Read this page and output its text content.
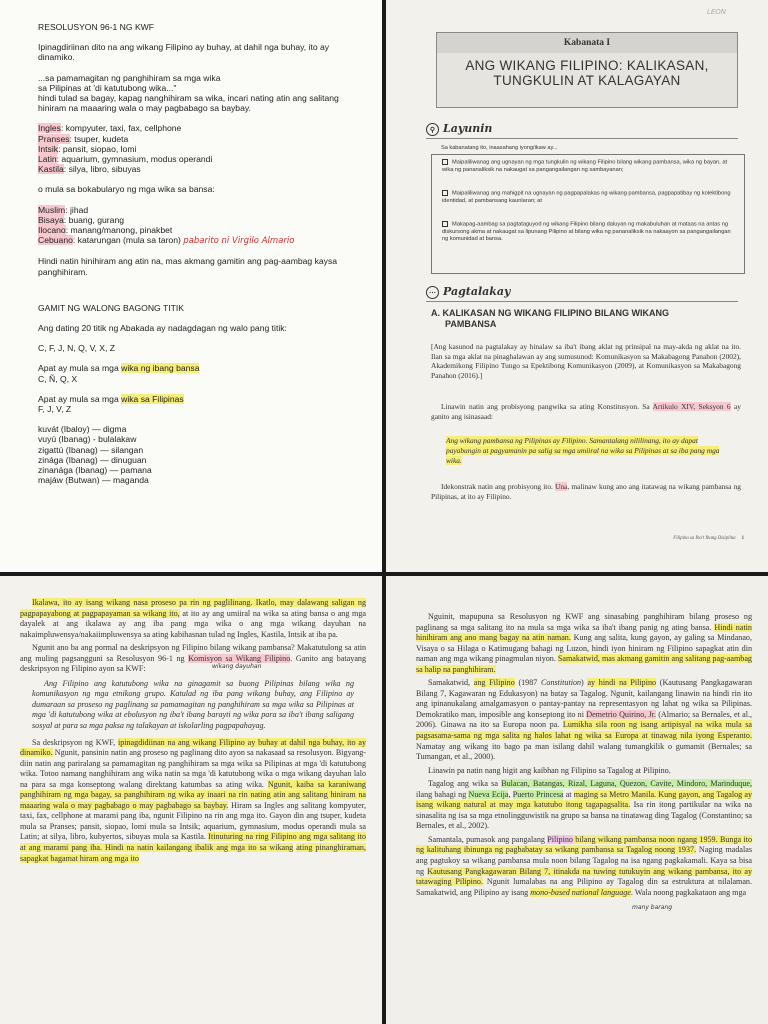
RESOLUSYON 96-1 NG KWF

Ipinagdiriinan dito na ang wikang Filipino ay buhay, at dahil nga buhay, ito ay dinamiko.

...sa pamamagitan ng panghihiram sa mga wika

sa Pilipinas at 'di katutubong wika..."

hindi tulad sa bagay, kapag nanghihiram sa wika, incari nating atin ang salitang hiniram na maaaring wala o may pagbabago sa baybay.

Ingles: kompyuter, taxi, fax, cellphone

Pranses: tsuper, kudeta

Intsik: pansit, siopao, lomi

Latin: aquarium, gymnasium, modus operandi

Kastila: silya, libro, sibuyas

o mula sa bokabularyo ng mga wika sa bansa:

Muslim: jihad

Bisaya: buang, gurang

Ilocano: manang/manong, pinakbet

Cebuano: katarungan (mula sa taron) pabarito ni Virgilo Almario

Hindi natin hinihiram ang atin na, mas akmang gamitin ang pag-aambag kaysa panghihiram.

GAMIT NG WALONG BAGONG TITIK

Ang dating 20 titik ng Abakada ay nadagdagan ng walo pang titik:

C, F, J, N, Q, V, X, Z

Apat ay mula sa mga wika ng ibang bansa

C, Ñ, Q, X

Apat ay mula sa mga wika sa Filipinas

F, J, V, Z

kuvát (Ibaloy) — digma

vuyú (Ibanag) - bulalakaw

zigattú (Ibanag) — silangan

zinága (Ibanag) — dinuguan

zinanága (Ibanag) — pamana

majáw (Butwan) — maganda

LEON
Kabanata I
ANG WIKANG FILIPINO: KALIKASAN,
TUNGKULIN AT KALAGAYAN
⚲ Layunin
Sa kabanatang ito, inaasahang iyong/ikaw ay...
Maipaliliwanag ang ugnayan ng mga tungkulin ng wikang Filipino bilang wikang pambansa, wika ng bayan, at wika ng pananaliksik na nakaugat sa pangangailangan ng sambayanan;
Maipaliliwanag ang mahigpit na ugnayan ng pagpapalakas ng wikang pambansa, pagpapatibay ng kolektibong identidad, at pambansang kaunlaran; at
Makapag-aambag sa pagtataguyod ng wikang Filipino bilang daluyan ng makabuluhan at mataas na antas ng diskursong akma at nakaugat sa lipunang Pilipino at bilang wika ng pananaliksik na nakaayon sa pangangailangan ng komunidad at bansa.
⋯ Pagtalakay
A. KALIKASAN NG WIKANG FILIPINO BILANG WIKANG
PAMBANSA
[Ang kasunod na pagtalakay ay hinalaw sa iba't ibang aklat ng prinsipal na may-akda ng aklat na ito. Ilan sa mga aklat na pinaghalawan ay ang sumusunod: Komunikasyon sa Makabagong Panahon (2002), Akademikong Filipino Tungo sa Epektibong Komunikasyon (2009), at Komunikasyon sa Makabagong Panahon (2016).]
Linawin natin ang probisyong pangwika sa ating Konstitusyon. Sa Artikulo XIV, Seksyon 6 ay ganito ang isinasaad:
Ang wikang pambansa ng Pilipinas ay Filipino. Samantalang nililinang, ito ay dapat payabungin at pagyamanin pa salig sa mga umiiral na wika sa Pilipinas at sa iba pang mga wika.
Idekonstrak natin ang probisyong ito. Una, malinaw kung ano ang itatawag na wikang pambansa ng Pilipinas, at ito ay Filipino.
Filipino sa Iba't Ibang Disiplina 1

Ikalawa, ito ay isang wikang nasa proseso pa rin ng paglilinang. Ikatlo, may dalawang saligan ng pagpapayabong at pagpapayaman sa wikang ito, at ito ay ang umiiral na wika sa ating bansa o ang mga dayalek at ang ikalawa ay ang iba pang mga wika o ang mga wikang dayuhan na nakaimpluwensya/nakaiimpluwensya sa ating kabihasnan tulad ng Ingles, Kastila, Intsik at iba pa.

Ngunit ano ba ang pormal na deskripsyon ng Filipino bilang wikang pambansa? Makatutulong sa atin ang muling pagsangguni sa Resolusyon 96-1 ng Komisyon sa Wikang Filipino. Ganito ang batayang deskripsyon ng Filipino ayon sa KWF:

Ang Filipino ang katutubong wika na ginagamit sa buong Pilipinas bilang wika ng komunikasyon ng mga etnikong grupo. Katulad ng iba pang wikang buhay, ang Filipino ay dumaraan sa proseso ng paglinang sa pamamagitan ng panghihiram sa mga wika sa Pilipinas at mga 'di katutubong wika at ebolusyon ng iba't ibang barayti ng wika para sa iba't ibang saligang sosyal at para sa mga paksa ng talakayan at iskolarling pagpapahayag.

Sa deskripsyon ng KWF, ipinagdidiinan na ang wikang Filipino ay buhay at dahil nga buhay, ito ay dinamiko. Ngunit, pansinin natin ang proseso ng paglinang dito ayon sa nakasaad sa resolusyon. Bigyang-diin natin ang pariralang sa pamamagitan ng panghihiram sa mga wika sa Pilipinas at mga 'di katutubong wika. Totoo namang nanghihiram ang wika natin sa mga 'di katutubong wika o mga wikang dayuhan lalo na para sa mga konseptong walang direktang katumbas sa ating wika. Ngunit, kaiba sa karaniwang panghihiram ng mga bagay, sa panghihiram ng wika ay inaari na rin nating atin ang salitang hiniram na maaaring wala o may pagbabago o may pagbabago sa baybay. Hiram sa Ingles ang salitang kompyuter, taxi, fax, cellphone at marami pang iba, ngunit Filipino na rin ang mga ito. Gayon din ang tsuper, kudeta mula sa Pranses; pansit, siopao, lomi mula sa Intsik; aquarium, gymnasium, modus operandi mula sa Latin; at silya, libro, kubyertos, sibuyas mula sa Kastila. Itinuturing na ring Filipino ang mga salitang ito at ang marami pang iba. Hindi na natin kailangang ibalik ang mga ito sa wikang ating pinanghiraman, sapagkat bagamat hiram ang mga ito

wikang dayuhan

Nguinit, mapupuna sa Resolusyon ng KWF ang sinasabing panghihiram bilang proseso ng paglinang sa mga salitang ito na mula sa mga wika sa iba't ibang panig ng ating bansa. Hindi natin hinihiram ang ano mang bagay na atin naman. Kung ang salita, kung gayon, ay galing sa Mindanao, Visaya o sa Hilaga o Katimugang bahagi ng Luzon, hindi iyon hiniram ng Filipino sapagkat atin din naman ang mga wikang pinagmulan niyon. Samakatwid, mas akmang gamitin ang salitang pag-aambag sa halip na panghihiram.

Samakatwid, ang Filipino (1987 Constitution) ay hindi na Pilipino (Kautusang Pangkagawaran Bilang 7, Kagawaran ng Edukasyon) na batay sa Tagalog. Ngunit, kailangang linawin na hindi rin ito ang ipinanukalang amalgamasyon o pantay-pantay na representasyon ng lahat ng wika sa Pilipinas. Demokratiko man, imposible ang konseptong ito ni Demetrio Quirino, Jr. (Almario; sa Bernales, et al., 2006). Ginawa na ito sa Europa noon pa. Lumikha sila roon ng isang artipisyal na wika mula sa pagsasama-sama ng mga salita ng halos lahat ng wika sa Europa at tinawag nila iyong Esperanto. Namatay ang wikang ito bago pa man isilang dahil walang tumangkilik o gumamit (Bernales; sa Tumangan, et al., 2000).

Linawin pa natin nang higit ang kaibhan ng Filipino sa Tagalog at Pilipino.

Tagalog ang wika sa Bulacan, Batangas, Rizal, Laguna, Quezon, Cavite, Mindoro, Marinduque, ilang bahagi ng Nueva Ecija, Puerto Princesa at maging sa Metro Manila. Kung gayon, ang Tagalog ay isang wikang natural at may mga katutubo itong tagapagsalita. Isa rin itong partikular na wika na sinasalita ng isa sa mga etnolingguwistik na grupo sa bansa na tinatawag ding Tagalog (Constantino; sa Bernales, et al., 2002).

Samantala, pumasok ang pangalang Pilipino bilang wikang pambansa noon ngang 1959. Bunga ito ng kalituhang ibinunga ng pagbabatay sa wikang pambansa sa Tagalog noong 1937. Naging madalas ang pagtukoy sa wikang pambansa mula noon bilang Tagalog na isa ngang pagkakamali. Kaya sa bisa ng Kautusang Pangkagawaran Bilang 7, itinakda na tuwing tutukuyin ang wikang pambansa, ito ay tatawaging Pilipino. Ngunit lumalabas na ang Pilipino ay Tagalog din sa estruktura at nilalaman. Samakatwid, ang Pilipino ay isang mono-based national language. Wala noong pagkakataon ang mga

many barang
